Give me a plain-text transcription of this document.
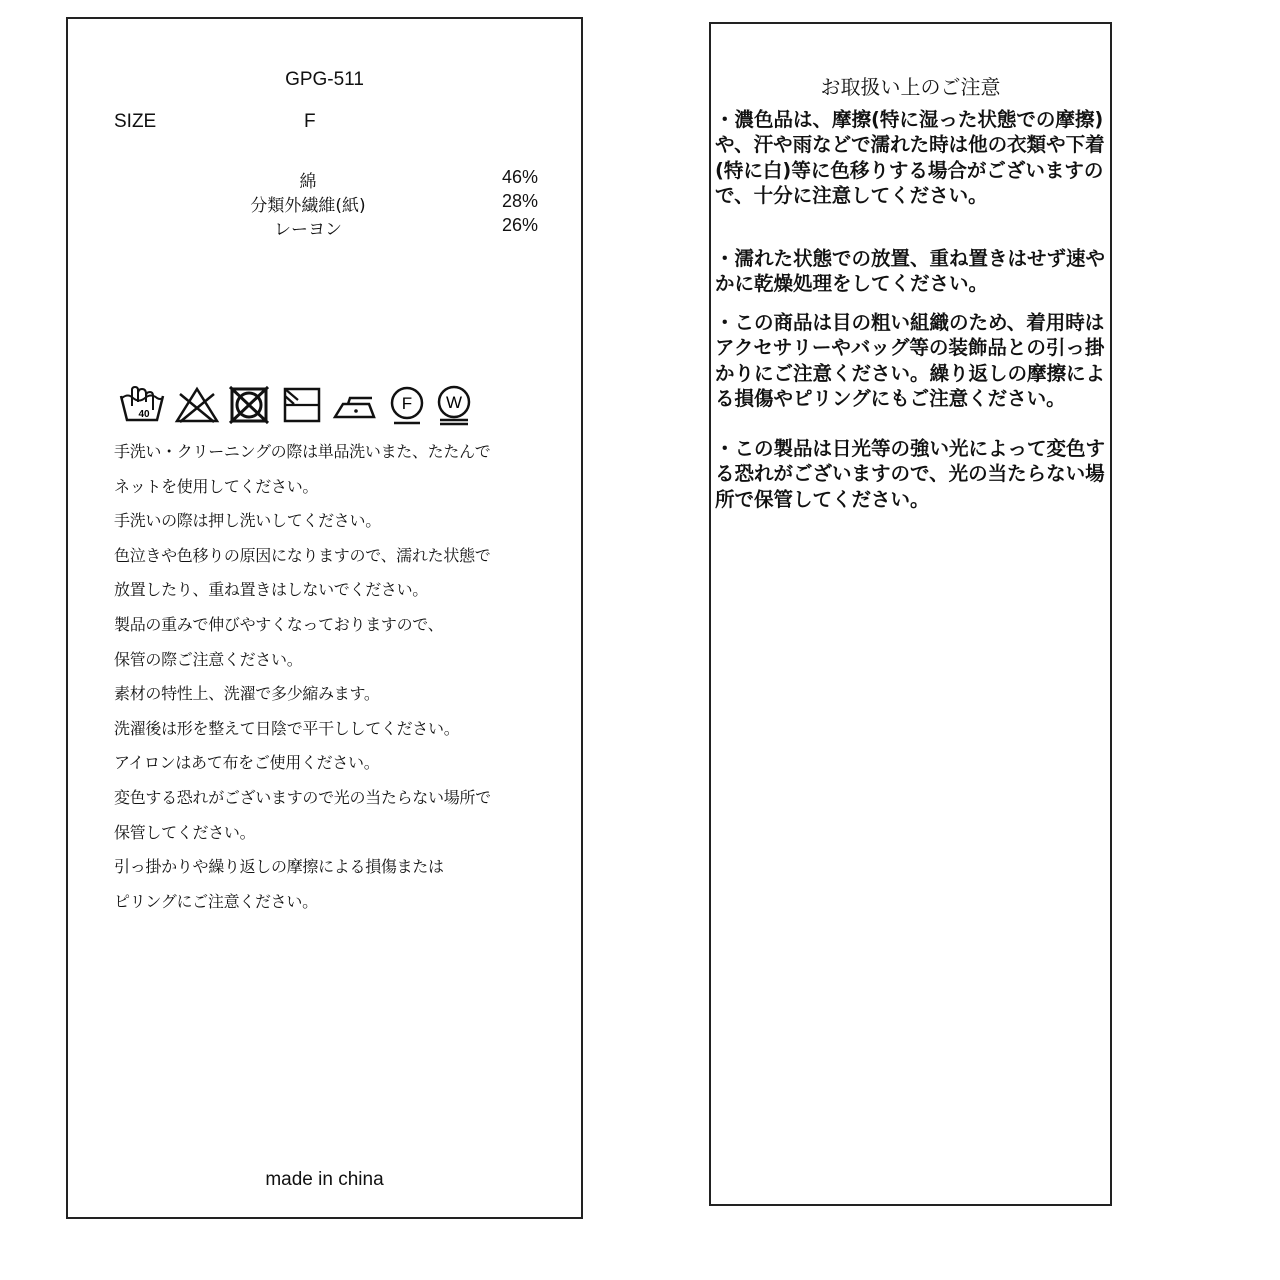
GPG-511
SIZE	F
綿	46%
分類外繊維(紙)	28%
レーヨン	26%
40
F W
手洗い・クリーニングの際は単品洗いまた、たたんで
ネットを使用してください。
手洗いの際は押し洗いしてください。
色泣きや色移りの原因になりますので、濡れた状態で
放置したり、重ね置きはしないでください。
製品の重みで伸びやすくなっておりますので、
保管の際ご注意ください。
素材の特性上、洗濯で多少縮みます。
洗濯後は形を整えて日陰で平干ししてください。
アイロンはあて布をご使用ください。
変色する恐れがございますので光の当たらない場所で
保管してください。
引っ掛かりや繰り返しの摩擦による損傷または
ピリングにご注意ください。
made in china
お取扱い上のご注意
・濃色品は、摩擦(特に湿った状態での摩擦)や、汗や雨などで濡れた時は他の衣類や下着(特に白)等に色移りする場合がございますので、十分に注意してください。
・濡れた状態での放置、重ね置きはせず速やかに乾燥処理をしてください。
・この商品は目の粗い組織のため、着用時はアクセサリーやバッグ等の装飾品との引っ掛かりにご注意ください。繰り返しの摩擦による損傷やピリングにもご注意ください。
・この製品は日光等の強い光によって変色する恐れがございますので、光の当たらない場所で保管してください。
